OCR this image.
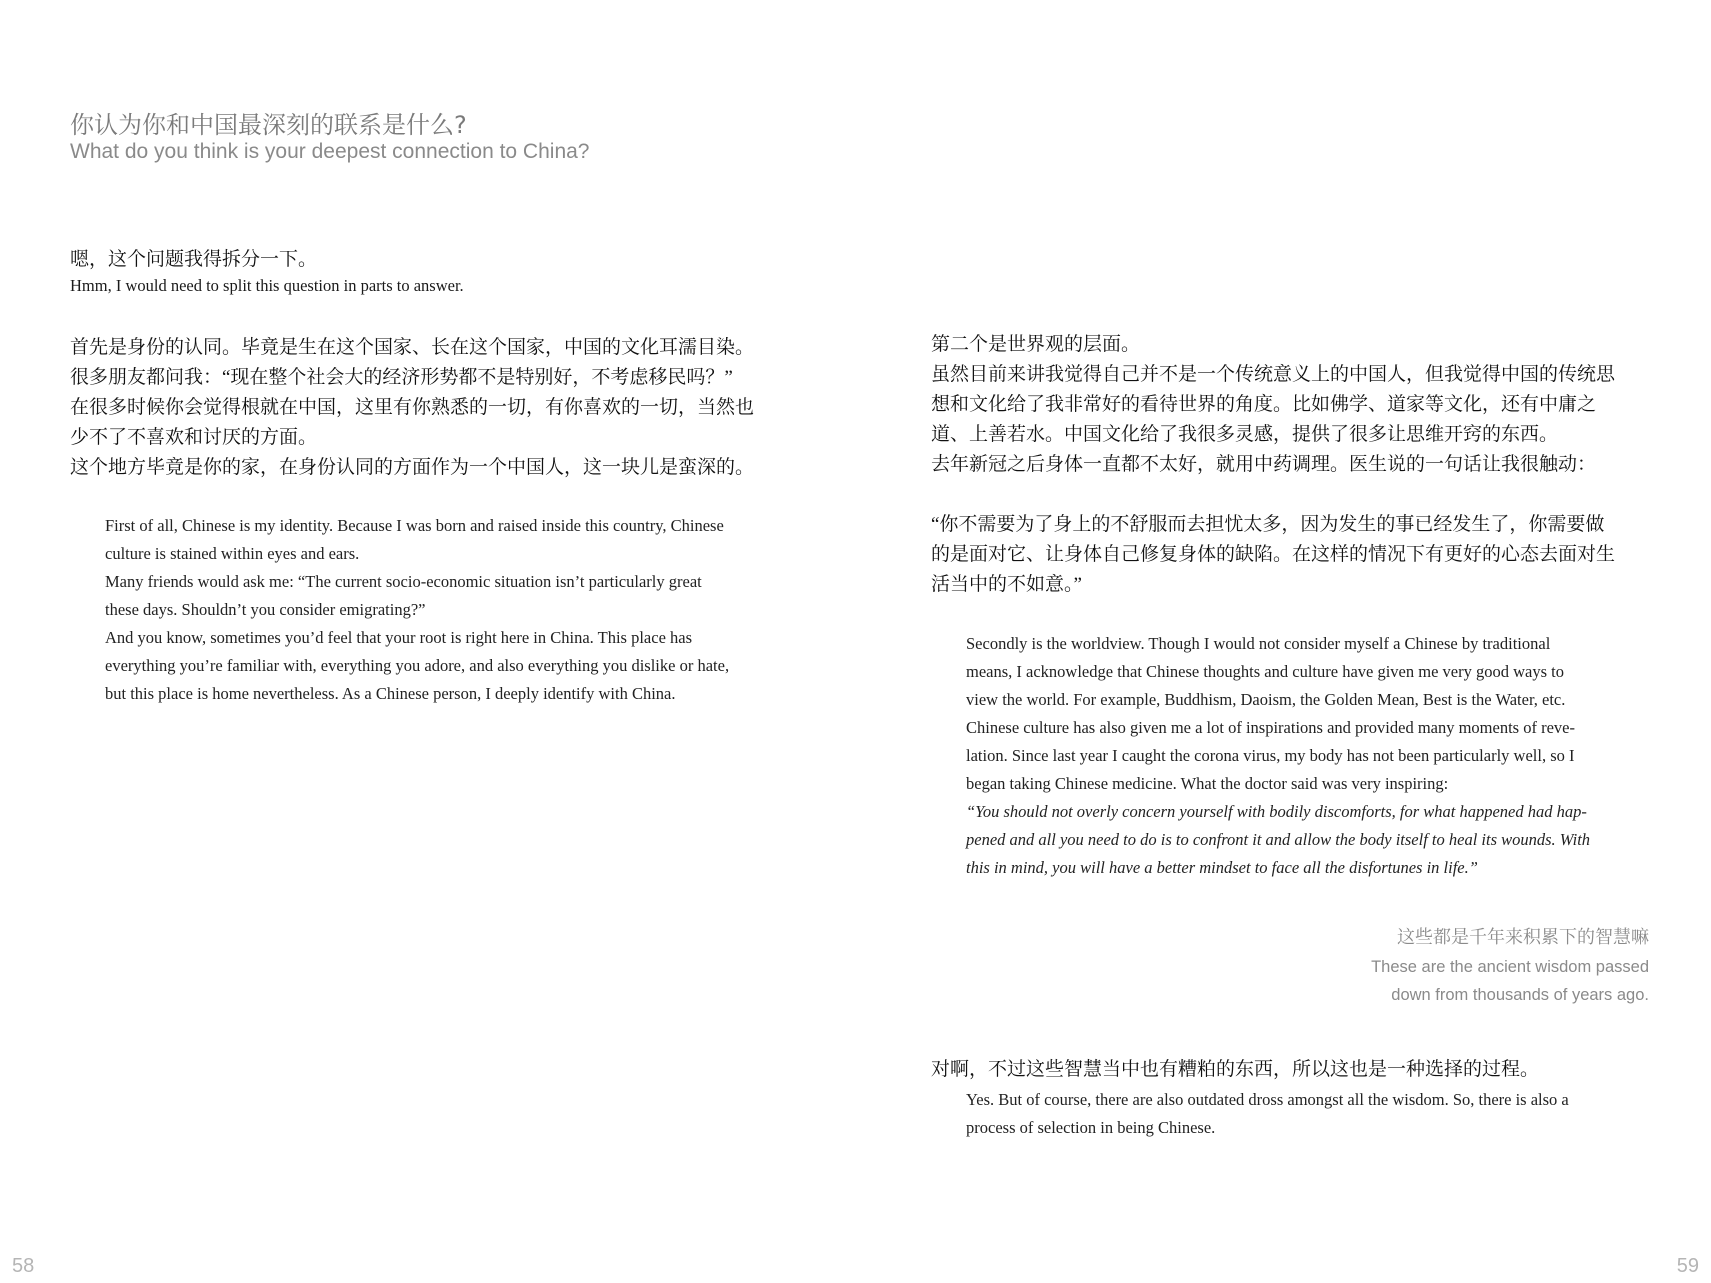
你认为你和中国最深刻的联系是什么?
What do you think is your deepest connection to China?
嗯，这个问题我得拆分一下。
Hmm, I would need to split this question in parts to answer.
首先是身份的认同。毕竟是生在这个国家、长在这个国家，中国的文化耳濡目染。
很多朋友都问我：“现在整个社会大的经济形势都不是特别好，不考虑移民吗？”
在很多时候你会觉得根就在中国，这里有你熟悉的一切，有你喜欢的一切，当然也
少不了不喜欢和讨厌的方面。
这个地方毕竟是你的家，在身份认同的方面作为一个中国人，这一块儿是蛮深的。
First of all, Chinese is my identity. Because I was born and raised inside this country, Chinese
culture is stained within eyes and ears.
Many friends would ask me: “The current socio-economic situation isn’t particularly great
these days. Shouldn’t you consider emigrating?”
And you know, sometimes you’d feel that your root is right here in China. This place has
everything you’re familiar with, everything you adore, and also everything you dislike or hate,
but this place is home nevertheless. As a Chinese person, I deeply identify with China.
第二个是世界观的层面。
虽然目前来讲我觉得自己并不是一个传统意义上的中国人，但我觉得中国的传统思
想和文化给了我非常好的看待世界的角度。比如佛学、道家等文化，还有中庸之
道、上善若水。中国文化给了我很多灵感，提供了很多让思维开窍的东西。
去年新冠之后身体一直都不太好，就用中药调理。医生说的一句话让我很触动：
“你不需要为了身上的不舒服而去担忧太多，因为发生的事已经发生了，你需要做
的是面对它、让身体自己修复身体的缺陷。在这样的情况下有更好的心态去面对生
活当中的不如意。”
Secondly is the worldview. Though I would not consider myself a Chinese by traditional
means, I acknowledge that Chinese thoughts and culture have given me very good ways to
view the world. For example, Buddhism, Daoism, the Golden Mean, Best is the Water, etc.
Chinese culture has also given me a lot of inspirations and provided many moments of reve-
lation. Since last year I caught the corona virus, my body has not been particularly well, so I
began taking Chinese medicine. What the doctor said was very inspiring:
“You should not overly concern yourself with bodily discomforts, for what happened had hap-
pened and all you need to do is to confront it and allow the body itself to heal its wounds. With
this in mind, you will have a better mindset to face all the disfortunes in life.”
这些都是千年来积累下的智慧嘛
These are the ancient wisdom passed
down from thousands of years ago.
对啊，不过这些智慧当中也有糟粕的东西，所以这也是一种选择的过程。
Yes. But of course, there are also outdated dross amongst all the wisdom. So, there is also a
process of selection in being Chinese.
58	59
